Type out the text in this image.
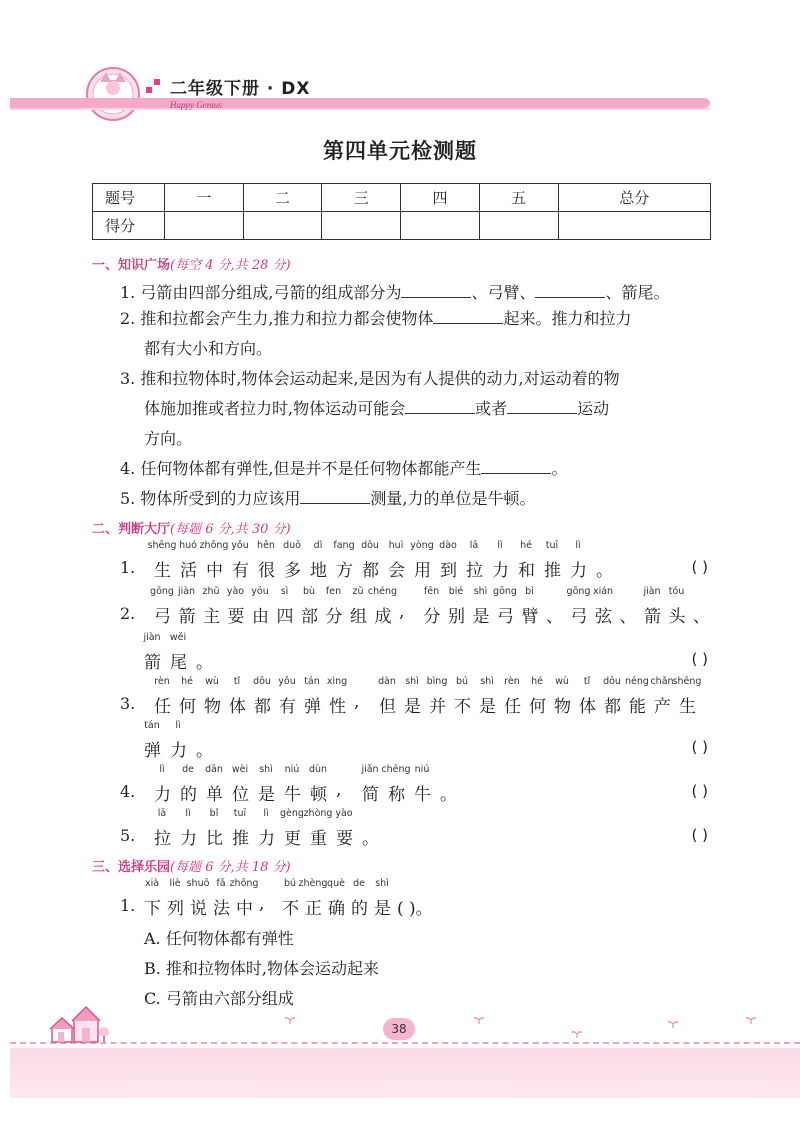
二年级下册 · DX
Happy Genius
第四单元检测题
题号	一	二	三	四	五	总分
得分						
一、知识广场(每空 4 分,共 28 分)
1. 弓箭由四部分组成,弓箭的组成部分为	、弓臂、	、箭尾。
2. 推和拉都会产生力,推力和拉力都会使物体	起来。推力和拉力
都有大小和方向。
3. 推和拉物体时,物体会运动起来,是因为有人提供的动力,对运动着的物
体施加推或者拉力时,物体运动可能会	或者	运动
方向。
4. 任何物体都有弹性,但是并不是任何物体都能产生	。
5. 物体所受到的力应该用	测量,力的单位是牛顿。
二、判断大厅(每题 6 分,共 30 分)
1. 生
shēng
活
huó
中
zhōng
有
yǒu
很
hěn
多
duō
地
dì
方
fang
都
dōu
会
huì
用
yòng
到
dào
拉
lā
力
lì
和
hé
推
tuī
力
lì
。	( )
2. 弓
gōng
箭
jiàn
主
zhǔ
要
yào
由
yóu
四
sì
部
bù
分
fen
组
zǔ
成
chéng
, 分
fēn
别
bié
是
shì
弓
gōng
臂
bì
、 弓
gōng
弦
xián
、 箭
jiàn
头
tóu
、
箭
jiàn
尾
wěi
。	( )
3. 任
rèn
何
hé
物
wù
体
tǐ
都
dōu
有
yǒu
弹
tán
性
xìng
, 但
dàn
是
shì
并
bìng
不
bú
是
shì
任
rèn
何
hé
物
wù
体
tǐ
都
dōu
能
néng
产
chǎn
生
shēng
弹
tán
力
lì
。	( )
4. 力
lì
的
de
单
dān
位
wèi
是
shì
牛
niú
顿
dùn
, 简
jiǎn
称
chēng
牛
niú
。	( )
5. 拉
lā
力
lì
比
bǐ
推
tuī
力
lì
更
gèng
重
zhòng
要
yào
。	( )
三、选择乐园(每题 6 分,共 18 分)
1. 下
xià
列
liè
说
shuō
法
fǎ
中
zhōng
, 不
bú
正
zhèng
确
què
的
de
是
shì
( )。
A. 任何物体都有弹性
B. 推和拉物体时,物体会运动起来
C. 弓箭由六部分组成
38
